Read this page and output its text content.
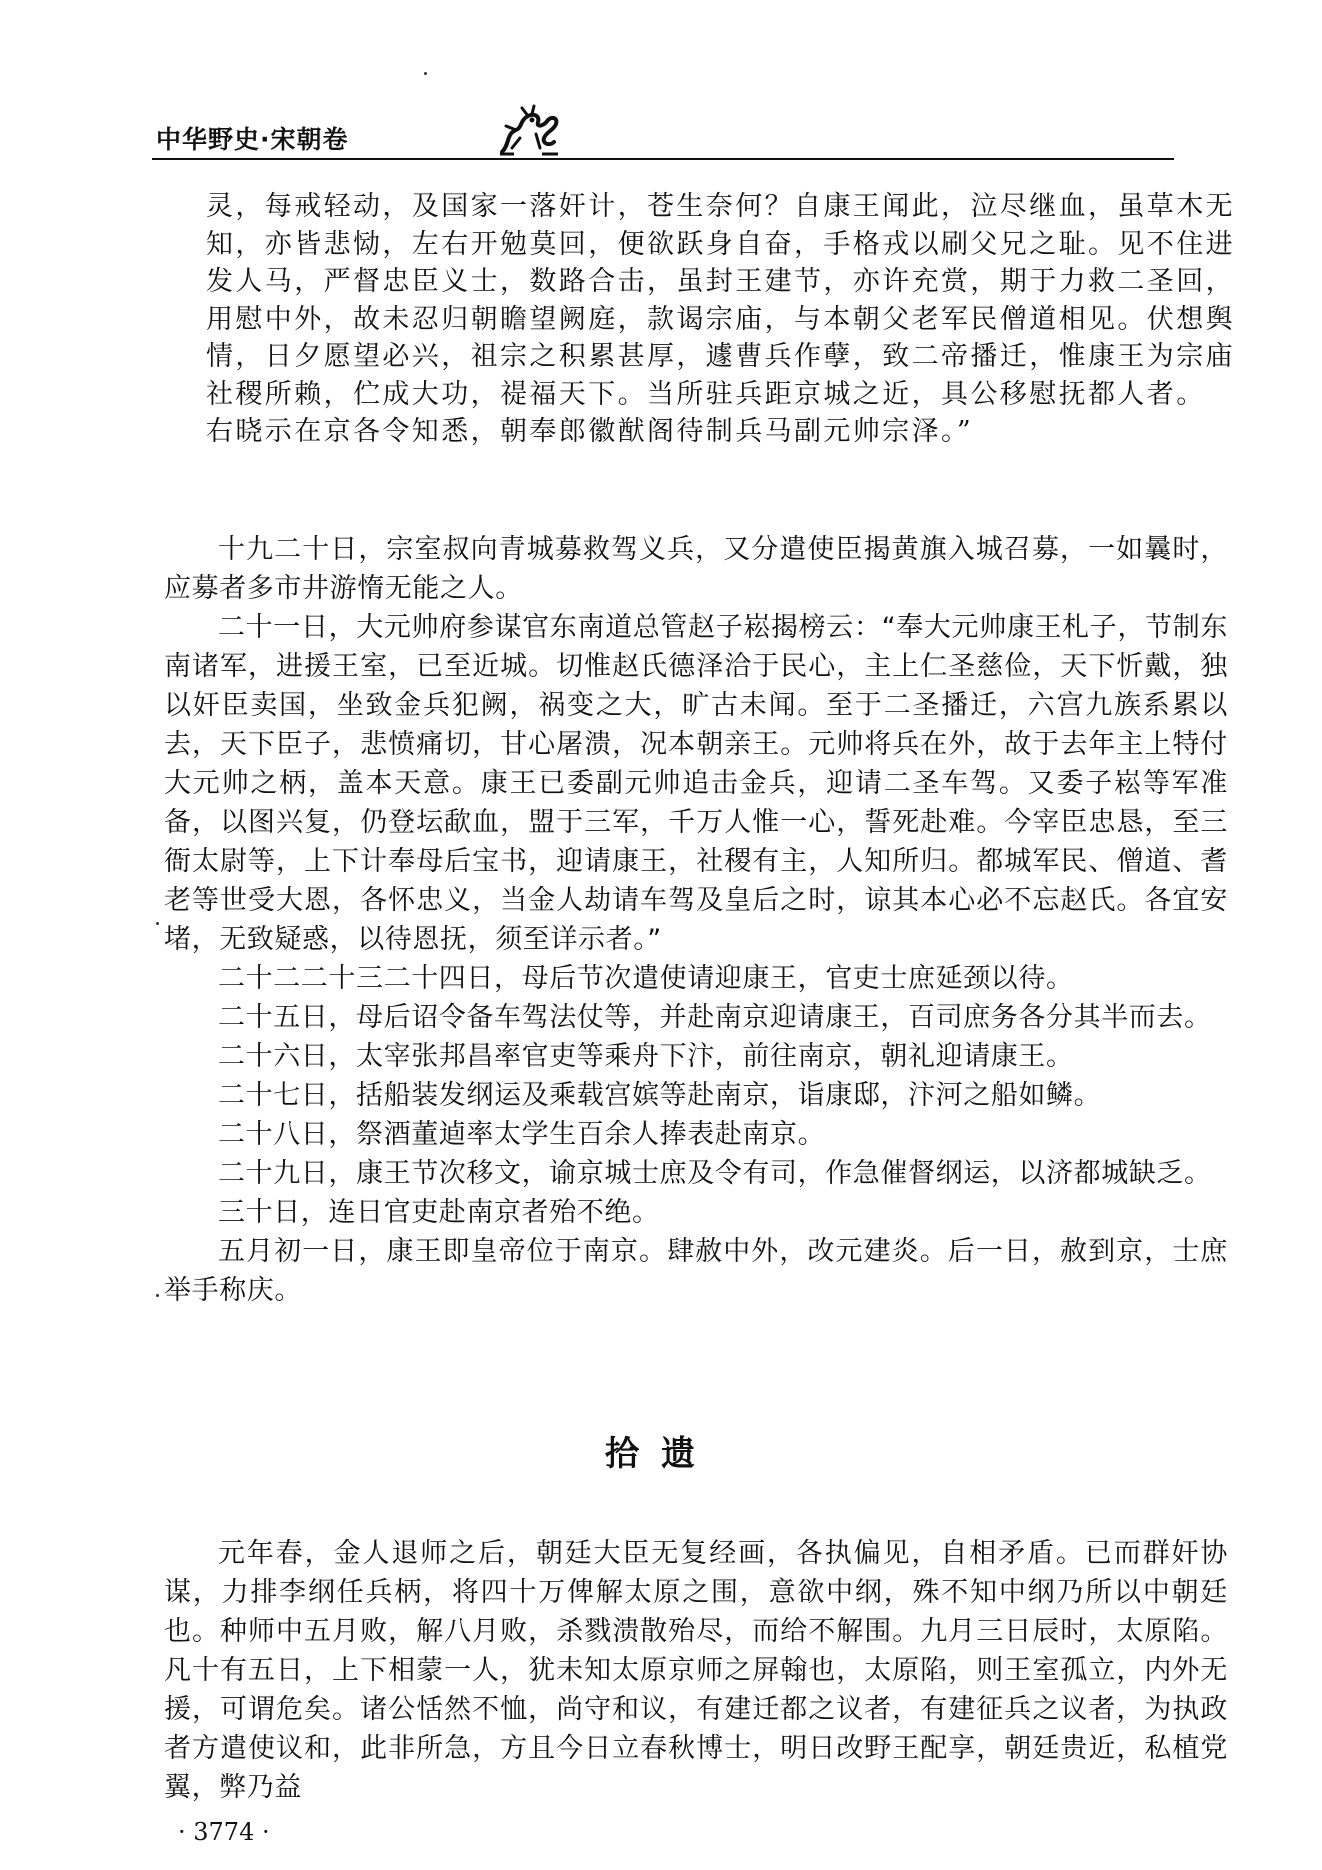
中华野史·宋朝卷

灵，每戒轻动，及国家一落奸计，苍生奈何？自康王闻此，泣尽继血，虽草木无

知，亦皆悲恸，左右开勉莫回，便欲跃身自奋，手格戎以刷父兄之耻。见不住进

发人马，严督忠臣义士，数路合击，虽封王建节，亦许充赏，期于力救二圣回，

用慰中外，故未忍归朝瞻望阙庭，款谒宗庙，与本朝父老军民僧道相见。伏想舆

情，日夕愿望必兴，祖宗之积累甚厚，遽曹兵作孽，致二帝播迁，惟康王为宗庙

社稷所赖，伫成大功，禔福天下。当所驻兵距京城之近，具公移慰抚都人者。

右晓示在京各令知悉，朝奉郎徽猷阁待制兵马副元帅宗泽。”

十九二十日，宗室叔向青城募救驾义兵，又分遣使臣揭黄旗入城召募，一如曩时，应募者多市井游惰无能之人。

二十一日，大元帅府参谋官东南道总管赵子崧揭榜云：“奉大元帅康王札子，节制东南诸军，进援王室，已至近城。切惟赵氏德泽洽于民心，主上仁圣慈俭，天下忻戴，独以奸臣卖国，坐致金兵犯阙，祸变之大，旷古未闻。至于二圣播迁，六宫九族系累以去，天下臣子，悲愤痛切，甘心屠溃，况本朝亲王。元帅将兵在外，故于去年主上特付大元帅之柄，盖本天意。康王已委副元帅追击金兵，迎请二圣车驾。又委子崧等军准备，以图兴复，仍登坛歃血，盟于三军，千万人惟一心，誓死赴难。今宰臣忠恳，至三衙太尉等，上下计奉母后宝书，迎请康王，社稷有主，人知所归。都城军民、僧道、耆老等世受大恩，各怀忠义，当金人劫请车驾及皇后之时，谅其本心必不忘赵氏。各宜安堵，无致疑惑，以待恩抚，须至详示者。”

二十二二十三二十四日，母后节次遣使请迎康王，官吏士庶延颈以待。

二十五日，母后诏令备车驾法仗等，并赴南京迎请康王，百司庶务各分其半而去。

二十六日，太宰张邦昌率官吏等乘舟下汴，前往南京，朝礼迎请康王。

二十七日，括船装发纲运及乘载宫嫔等赴南京，诣康邸，汴河之船如鳞。

二十八日，祭酒董逌率太学生百余人捧表赴南京。

二十九日，康王节次移文，谕京城士庶及令有司，作急催督纲运，以济都城缺乏。

三十日，连日官吏赴南京者殆不绝。

五月初一日，康王即皇帝位于南京。肆赦中外，改元建炎。后一日，赦到京，士庶举手称庆。

拾遗

元年春，金人退师之后，朝廷大臣无复经画，各执偏见，自相矛盾。已而群奸协谋，力排李纲任兵柄，将四十万俾解太原之围，意欲中纲，殊不知中纲乃所以中朝廷也。种师中五月败，解八月败，杀戮溃散殆尽，而给不解围。九月三日辰时，太原陷。凡十有五日，上下相蒙一人，犹未知太原京师之屏翰也，太原陷，则王室孤立，内外无援，可谓危矣。诸公恬然不恤，尚守和议，有建迁都之议者，有建征兵之议者，为执政者方遣使议和，此非所急，方且今日立春秋博士，明日改野王配享，朝廷贵近，私植党翼，弊乃益

· 3774 ·
